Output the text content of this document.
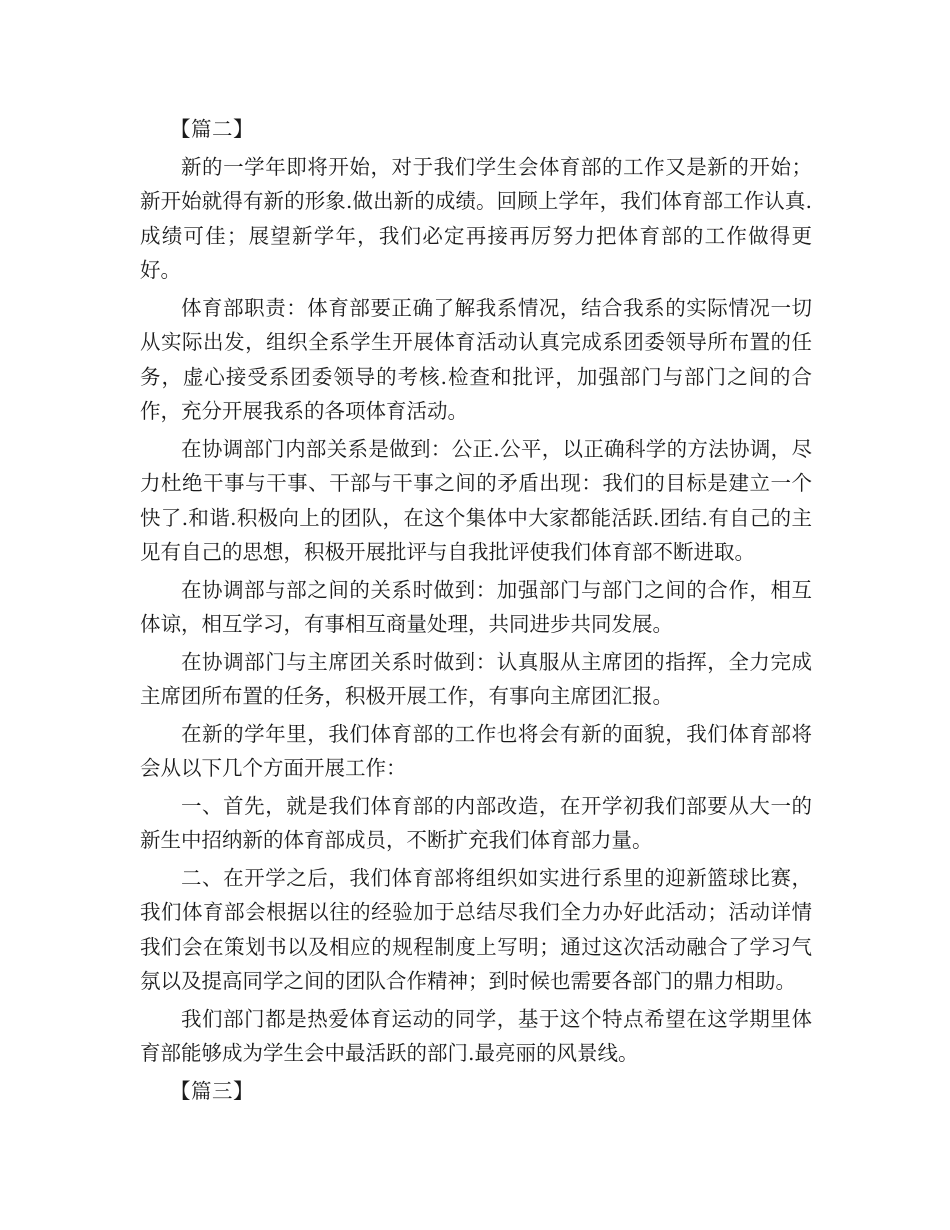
【篇二】

新的一学年即将开始，对于我们学生会体育部的工作又是新的开始；新开始就得有新的形象.做出新的成绩。回顾上学年，我们体育部工作认真.成绩可佳；展望新学年，我们必定再接再厉努力把体育部的工作做得更好。

体育部职责：体育部要正确了解我系情况，结合我系的实际情况一切从实际出发，组织全系学生开展体育活动认真完成系团委领导所布置的任务，虚心接受系团委领导的考核.检查和批评，加强部门与部门之间的合作，充分开展我系的各项体育活动。

在协调部门内部关系是做到：公正.公平，以正确科学的方法协调，尽力杜绝干事与干事、干部与干事之间的矛盾出现：我们的目标是建立一个快了.和谐.积极向上的团队，在这个集体中大家都能活跃.团结.有自己的主见有自己的思想，积极开展批评与自我批评使我们体育部不断进取。

在协调部与部之间的关系时做到：加强部门与部门之间的合作，相互体谅，相互学习，有事相互商量处理，共同进步共同发展。

在协调部门与主席团关系时做到：认真服从主席团的指挥，全力完成主席团所布置的任务，积极开展工作，有事向主席团汇报。

在新的学年里，我们体育部的工作也将会有新的面貌，我们体育部将会从以下几个方面开展工作：

一、首先，就是我们体育部的内部改造，在开学初我们部要从大一的新生中招纳新的体育部成员，不断扩充我们体育部力量。

二、在开学之后，我们体育部将组织如实进行系里的迎新篮球比赛，我们体育部会根据以往的经验加于总结尽我们全力办好此活动；活动详情我们会在策划书以及相应的规程制度上写明；通过这次活动融合了学习气氛以及提高同学之间的团队合作精神；到时候也需要各部门的鼎力相助。

我们部门都是热爱体育运动的同学，基于这个特点希望在这学期里体育部能够成为学生会中最活跃的部门.最亮丽的风景线。

【篇三】
